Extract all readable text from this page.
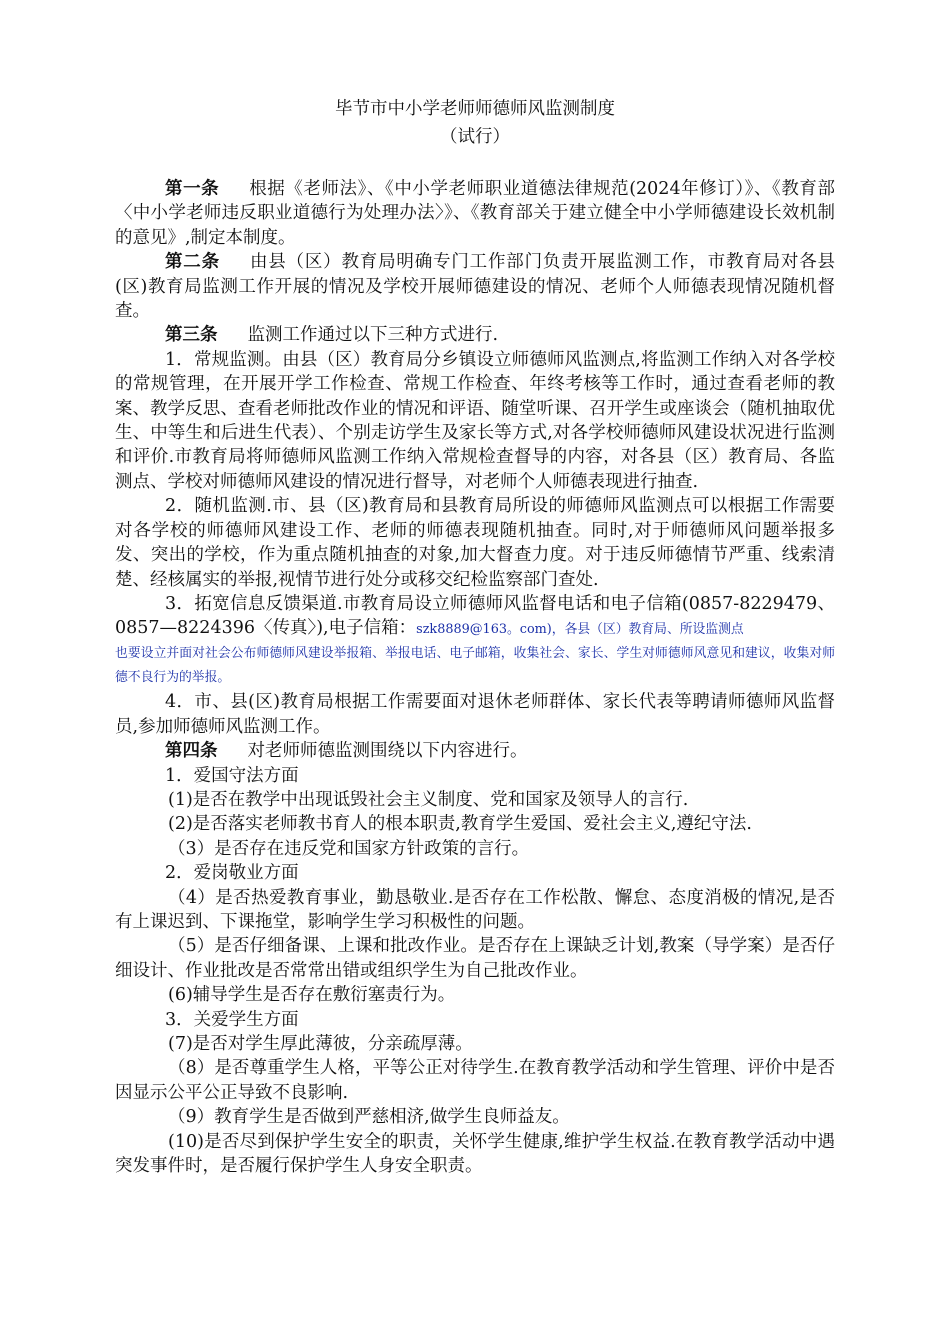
毕节市中小学老师师德师风监测制度

（试行）

第一条 根据《老师法》、《中小学老师职业道德法律规范(2024年修订）》、《教育部〈中小学老师违反职业道德行为处理办法〉》、《教育部关于建立健全中小学师德建设长效机制的意见》,制定本制度。

第二条 由县（区）教育局明确专门工作部门负责开展监测工作，市教育局对各县(区)教育局监测工作开展的情况及学校开展师德建设的情况、老师个人师德表现情况随机督查。

第三条 监测工作通过以下三种方式进行.

1．常规监测。由县（区）教育局分乡镇设立师德师风监测点,将监测工作纳入对各学校的常规管理，在开展开学工作检查、常规工作检查、年终考核等工作时，通过查看老师的教案、教学反思、查看老师批改作业的情况和评语、随堂听课、召开学生或座谈会（随机抽取优生、中等生和后进生代表）、个别走访学生及家长等方式,对各学校师德师风建设状况进行监测和评价.市教育局将师德师风监测工作纳入常规检查督导的内容，对各县（区）教育局、各监测点、学校对师德师风建设的情况进行督导，对老师个人师德表现进行抽查.

2．随机监测.市、县（区)教育局和县教育局所设的师德师风监测点可以根据工作需要对各学校的师德师风建设工作、老师的师德表现随机抽查。同时,对于师德师风问题举报多发、突出的学校，作为重点随机抽查的对象,加大督查力度。对于违反师德情节严重、线索清楚、经核属实的举报,视情节进行处分或移交纪检监察部门查处.

3．拓宽信息反馈渠道.市教育局设立师德师风监督电话和电子信箱(0857-8229479、0857—8224396〈传真〉),电子信箱：szk8889@163。com)，各县（区）教育局、所设监测点

也要设立并面对社会公布师德师风建设举报箱、举报电话、电子邮箱，收集社会、家长、学生对师德师风意见和建议，收集对师德不良行为的举报。

4．市、县(区)教育局根据工作需要面对退休老师群体、家长代表等聘请师德师风监督员,参加师德师风监测工作。

第四条 对老师师德监测围绕以下内容进行。

1．爱国守法方面

(1)是否在教学中出现诋毁社会主义制度、党和国家及领导人的言行.

(2)是否落实老师教书育人的根本职责,教育学生爱国、爱社会主义,遵纪守法.

（3）是否存在违反党和国家方针政策的言行。

2．爱岗敬业方面

（4）是否热爱教育事业，勤恳敬业.是否存在工作松散、懈怠、态度消极的情况,是否有上课迟到、下课拖堂，影响学生学习积极性的问题。

（5）是否仔细备课、上课和批改作业。是否存在上课缺乏计划,教案（导学案）是否仔细设计、作业批改是否常常出错或组织学生为自己批改作业。

(6)辅导学生是否存在敷衍塞责行为。

3．关爱学生方面

(7)是否对学生厚此薄彼，分亲疏厚薄。

（8）是否尊重学生人格，平等公正对待学生.在教育教学活动和学生管理、评价中是否因显示公平公正导致不良影响.

（9）教育学生是否做到严慈相济,做学生良师益友。

(10)是否尽到保护学生安全的职责，关怀学生健康,维护学生权益.在教育教学活动中遇突发事件时，是否履行保护学生人身安全职责。
